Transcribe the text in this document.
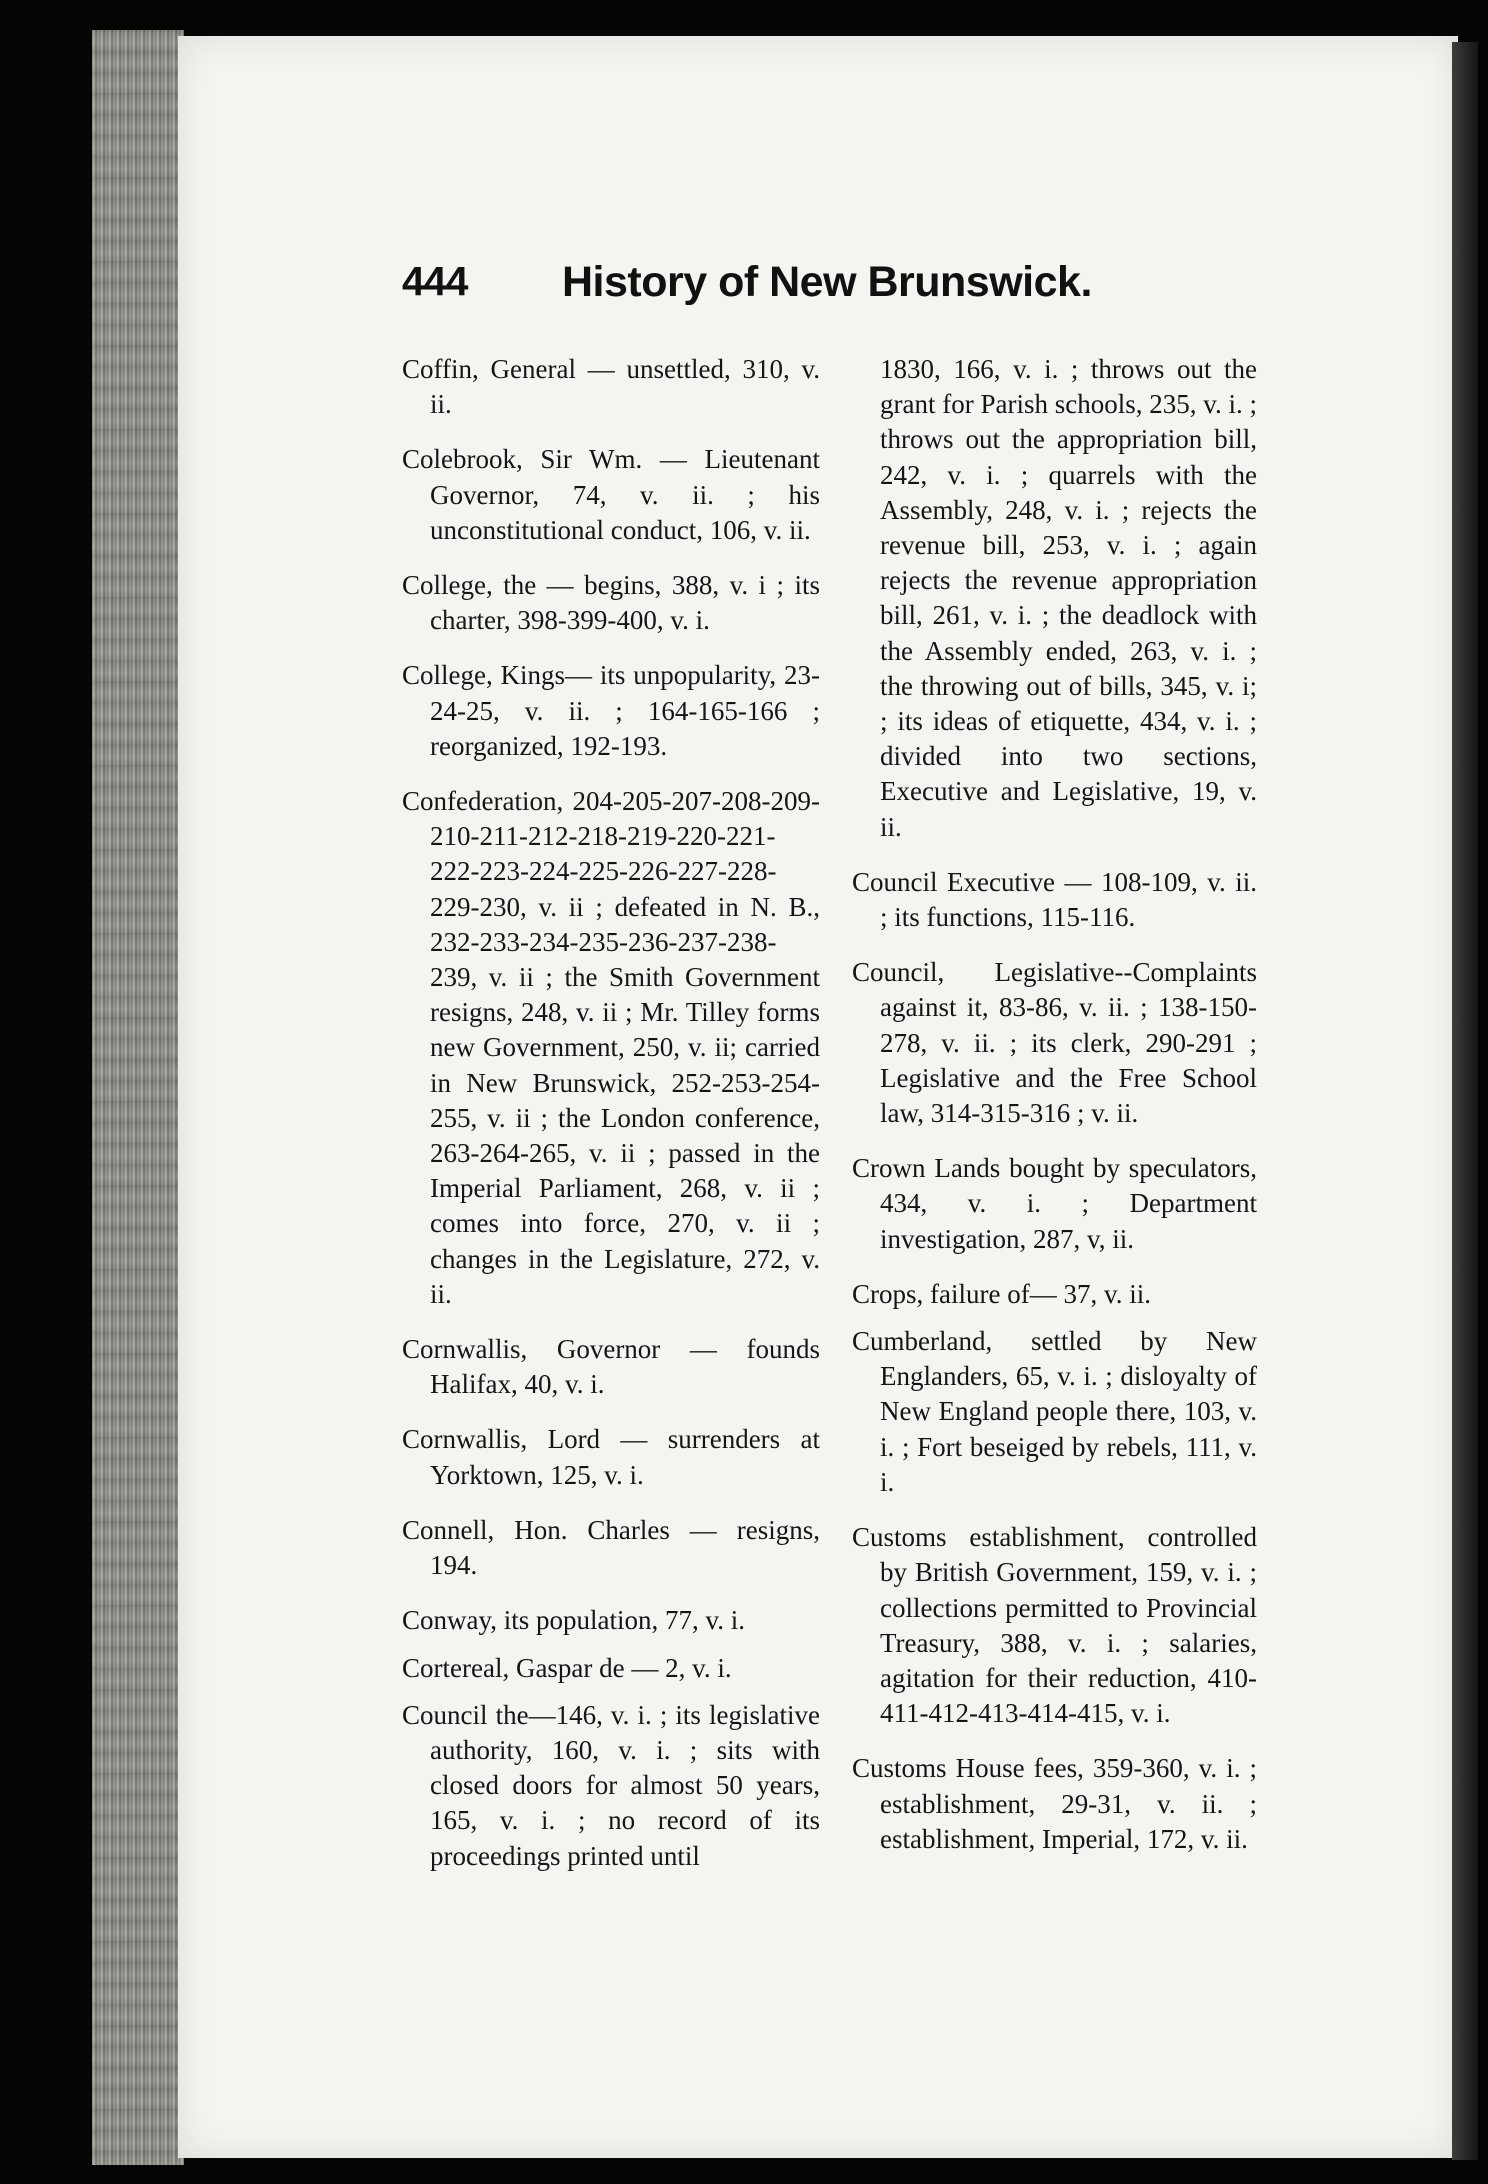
444 History of New Brunswick.

Coffin, General — unsettled, 310, v. ii.

Colebrook, Sir Wm. — Lieutenant Governor, 74, v. ii. ; his unconstitutional conduct, 106, v. ii.

College, the — begins, 388, v. i ; its charter, 398-399-400, v. i.

College, Kings— its unpopularity, 23-24-25, v. ii. ; 164-165-166 ; reorganized, 192-193.

Confederation, 204-205-207-208-209-210-211-212-218-219-220-221-222-223-224-225-226-227-228-229-230, v. ii ; defeated in N. B., 232-233-234-235-236-237-238-239, v. ii ; the Smith Government resigns, 248, v. ii ; Mr. Tilley forms new Government, 250, v. ii; carried in New Brunswick, 252-253-254-255, v. ii ; the London conference, 263-264-265, v. ii ; passed in the Imperial Parliament, 268, v. ii ; comes into force, 270, v. ii ; changes in the Legislature, 272, v. ii.

Cornwallis, Governor — founds Halifax, 40, v. i.

Cornwallis, Lord — surrenders at Yorktown, 125, v. i.

Connell, Hon. Charles — resigns, 194.

Conway, its population, 77, v. i.

Cortereal, Gaspar de — 2, v. i.

Council the—146, v. i. ; its legislative authority, 160, v. i. ; sits with closed doors for almost 50 years, 165, v. i. ; no record of its proceedings printed until

1830, 166, v. i. ; throws out the grant for Parish schools, 235, v. i. ; throws out the appropriation bill, 242, v. i. ; quarrels with the Assembly, 248, v. i. ; rejects the revenue bill, 253, v. i. ; again rejects the revenue appropriation bill, 261, v. i. ; the deadlock with the Assembly ended, 263, v. i. ; the throwing out of bills, 345, v. i; ; its ideas of etiquette, 434, v. i. ; divided into two sections, Executive and Legislative, 19, v. ii.

Council Executive — 108-109, v. ii. ; its functions, 115-116.

Council, Legislative--Complaints against it, 83-86, v. ii. ; 138-150-278, v. ii. ; its clerk, 290-291 ; Legislative and the Free School law, 314-315-316 ; v. ii.

Crown Lands bought by speculators, 434, v. i. ; Department investigation, 287, v, ii.

Crops, failure of— 37, v. ii.

Cumberland, settled by New Englanders, 65, v. i. ; disloyalty of New England people there, 103, v. i. ; Fort beseiged by rebels, 111, v. i.

Customs establishment, controlled by British Government, 159, v. i. ; collections permitted to Provincial Treasury, 388, v. i. ; salaries, agitation for their reduction, 410-411-412-413-414-415, v. i.

Customs House fees, 359-360, v. i. ; establishment, 29-31, v. ii. ; establishment, Imperial, 172, v. ii.
